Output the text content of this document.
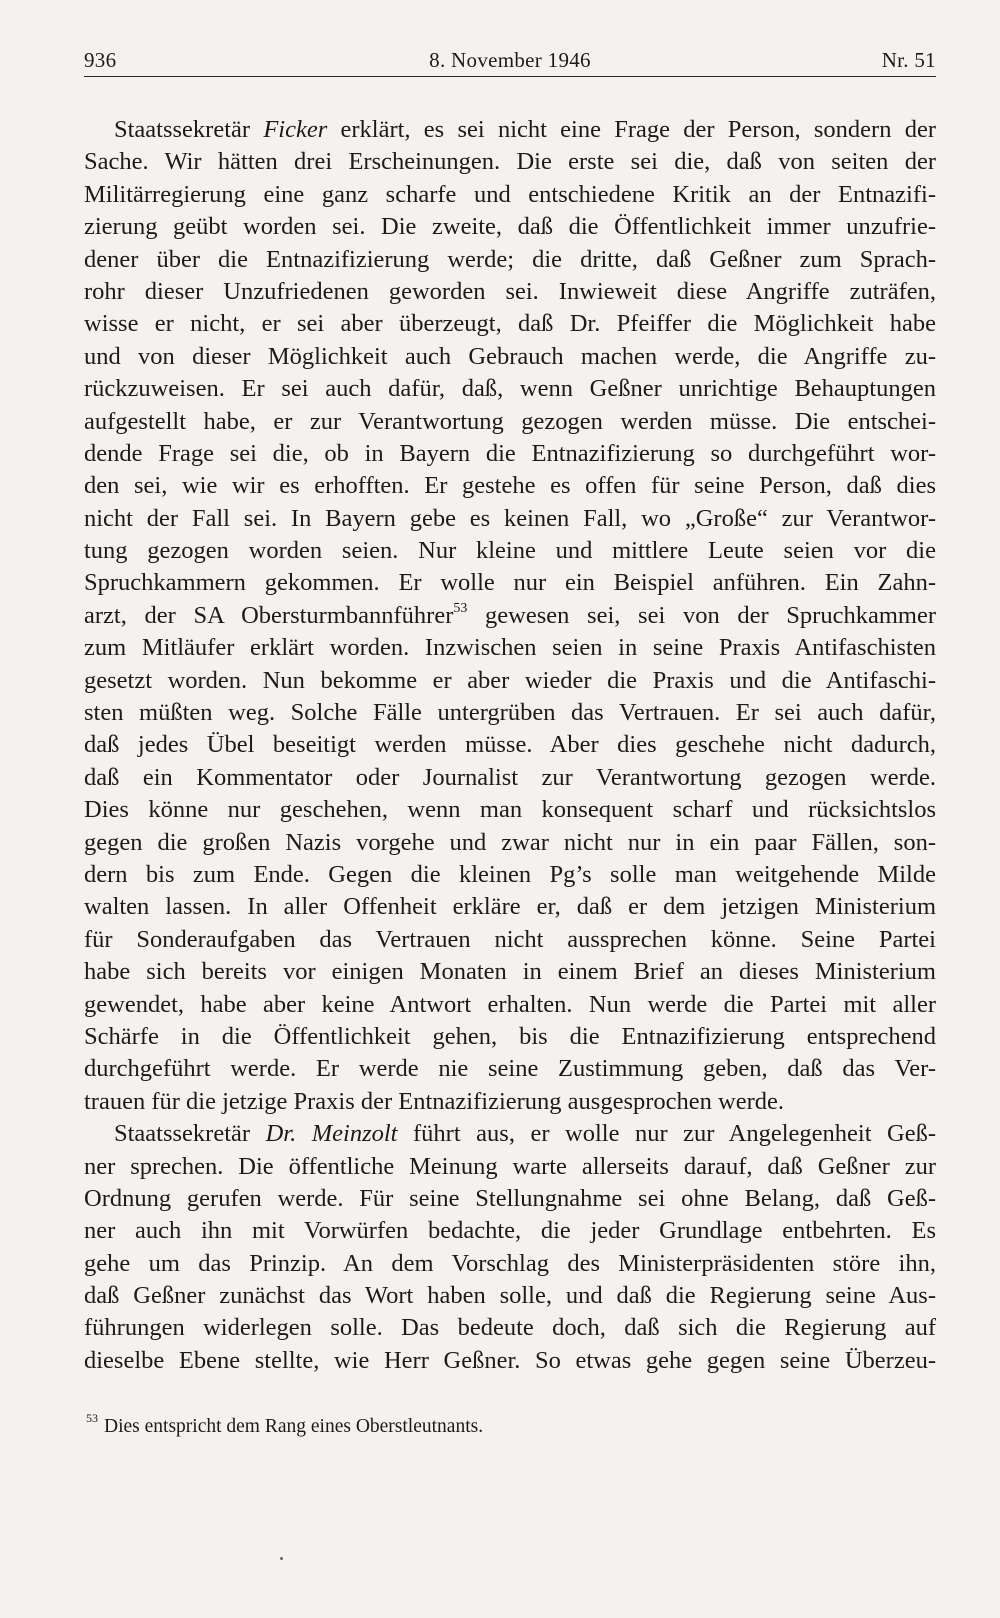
936	8. November 1946	Nr. 51
Staatssekretär Ficker erklärt, es sei nicht eine Frage der Person, sondern der
Sache. Wir hätten drei Erscheinungen. Die erste sei die, daß von seiten der
Militärregierung eine ganz scharfe und entschiedene Kritik an der Entnazifi-
zierung geübt worden sei. Die zweite, daß die Öffentlichkeit immer unzufrie-
dener über die Entnazifizierung werde; die dritte, daß Geßner zum Sprach-
rohr dieser Unzufriedenen geworden sei. Inwieweit diese Angriffe zuträfen,
wisse er nicht, er sei aber überzeugt, daß Dr. Pfeiffer die Möglichkeit habe
und von dieser Möglichkeit auch Gebrauch machen werde, die Angriffe zu-
rückzuweisen. Er sei auch dafür, daß, wenn Geßner unrichtige Behauptungen
aufgestellt habe, er zur Verantwortung gezogen werden müsse. Die entschei-
dende Frage sei die, ob in Bayern die Entnazifizierung so durchgeführt wor-
den sei, wie wir es erhofften. Er gestehe es offen für seine Person, daß dies
nicht der Fall sei. In Bayern gebe es keinen Fall, wo „Große“ zur Verantwor-
tung gezogen worden seien. Nur kleine und mittlere Leute seien vor die
Spruchkammern gekommen. Er wolle nur ein Beispiel anführen. Ein Zahn-
arzt, der SA Obersturmbannführer$^{53}$ gewesen sei, sei von der Spruchkammer
zum Mitläufer erklärt worden. Inzwischen seien in seine Praxis Antifaschisten
gesetzt worden. Nun bekomme er aber wieder die Praxis und die Antifaschi-
sten müßten weg. Solche Fälle untergrüben das Vertrauen. Er sei auch dafür,
daß jedes Übel beseitigt werden müsse. Aber dies geschehe nicht dadurch,
daß ein Kommentator oder Journalist zur Verantwortung gezogen werde.
Dies könne nur geschehen, wenn man konsequent scharf und rücksichtslos
gegen die großen Nazis vorgehe und zwar nicht nur in ein paar Fällen, son-
dern bis zum Ende. Gegen die kleinen Pg’s solle man weitgehende Milde
walten lassen. In aller Offenheit erkläre er, daß er dem jetzigen Ministerium
für Sonderaufgaben das Vertrauen nicht aussprechen könne. Seine Partei
habe sich bereits vor einigen Monaten in einem Brief an dieses Ministerium
gewendet, habe aber keine Antwort erhalten. Nun werde die Partei mit aller
Schärfe in die Öffentlichkeit gehen, bis die Entnazifizierung entsprechend
durchgeführt werde. Er werde nie seine Zustimmung geben, daß das Ver-
trauen für die jetzige Praxis der Entnazifizierung ausgesprochen werde.
Staatssekretär Dr. Meinzolt führt aus, er wolle nur zur Angelegenheit Geß-
ner sprechen. Die öffentliche Meinung warte allerseits darauf, daß Geßner zur
Ordnung gerufen werde. Für seine Stellungnahme sei ohne Belang, daß Geß-
ner auch ihn mit Vorwürfen bedachte, die jeder Grundlage entbehrten. Es
gehe um das Prinzip. An dem Vorschlag des Ministerpräsidenten störe ihn,
daß Geßner zunächst das Wort haben solle, und daß die Regierung seine Aus-
führungen widerlegen solle. Das bedeute doch, daß sich die Regierung auf
dieselbe Ebene stellte, wie Herr Geßner. So etwas gehe gegen seine Überzeu-
$^{53}$ Dies entspricht dem Rang eines Oberstleutnants.
